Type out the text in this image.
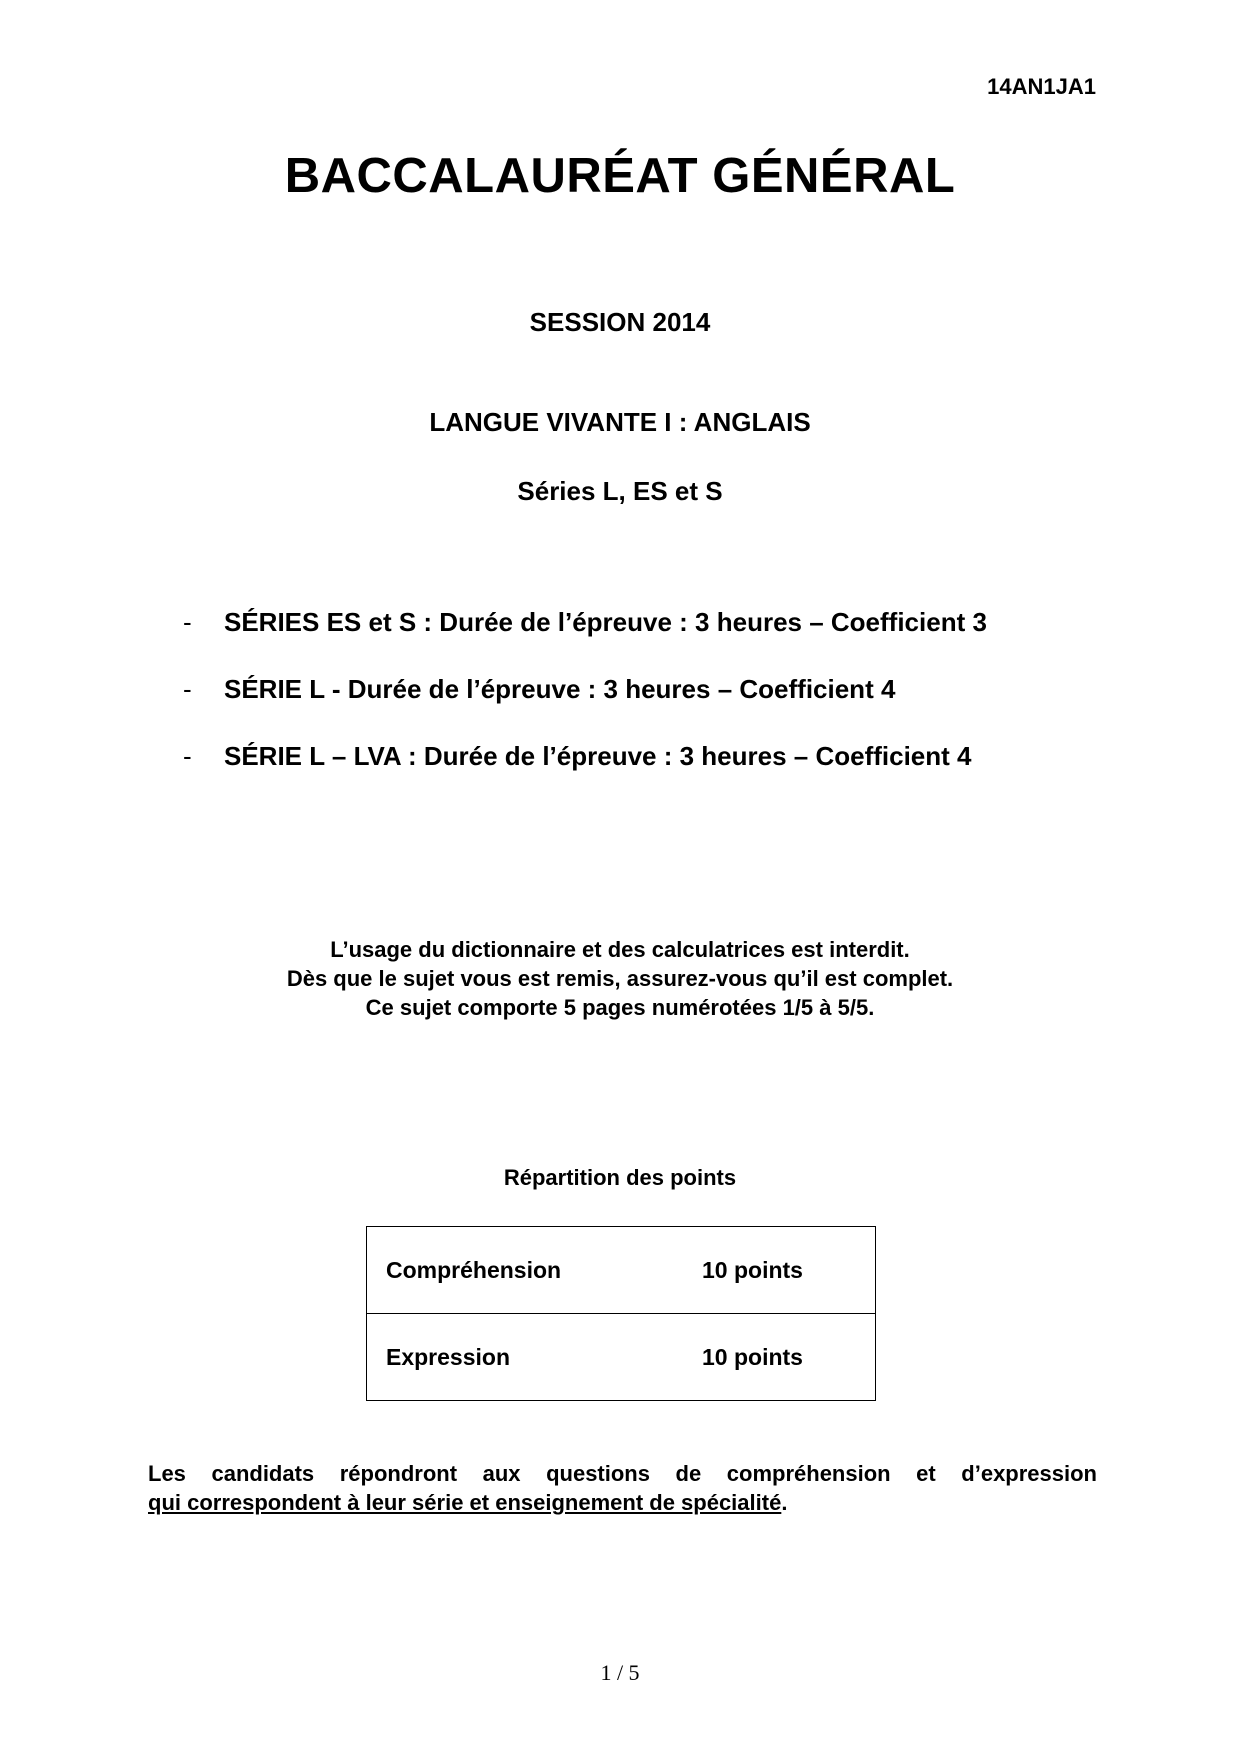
14AN1JA1
BACCALAURÉAT GÉNÉRAL
SESSION 2014
LANGUE VIVANTE I : ANGLAIS
Séries L, ES et S
- SÉRIES ES et S : Durée de l’épreuve : 3 heures – Coefficient 3
- SÉRIE L - Durée de l’épreuve : 3 heures – Coefficient 4
- SÉRIE L – LVA : Durée de l’épreuve : 3 heures – Coefficient 4
L’usage du dictionnaire et des calculatrices est interdit.
Dès que le sujet vous est remis, assurez-vous qu’il est complet.
Ce sujet comporte 5 pages numérotées 1/5 à 5/5.
Répartition des points
Compréhension	10 points
Expression	10 points
Les candidats répondront aux questions de compréhension et d’expression
qui correspondent à leur série et enseignement de spécialité.
1 / 5
